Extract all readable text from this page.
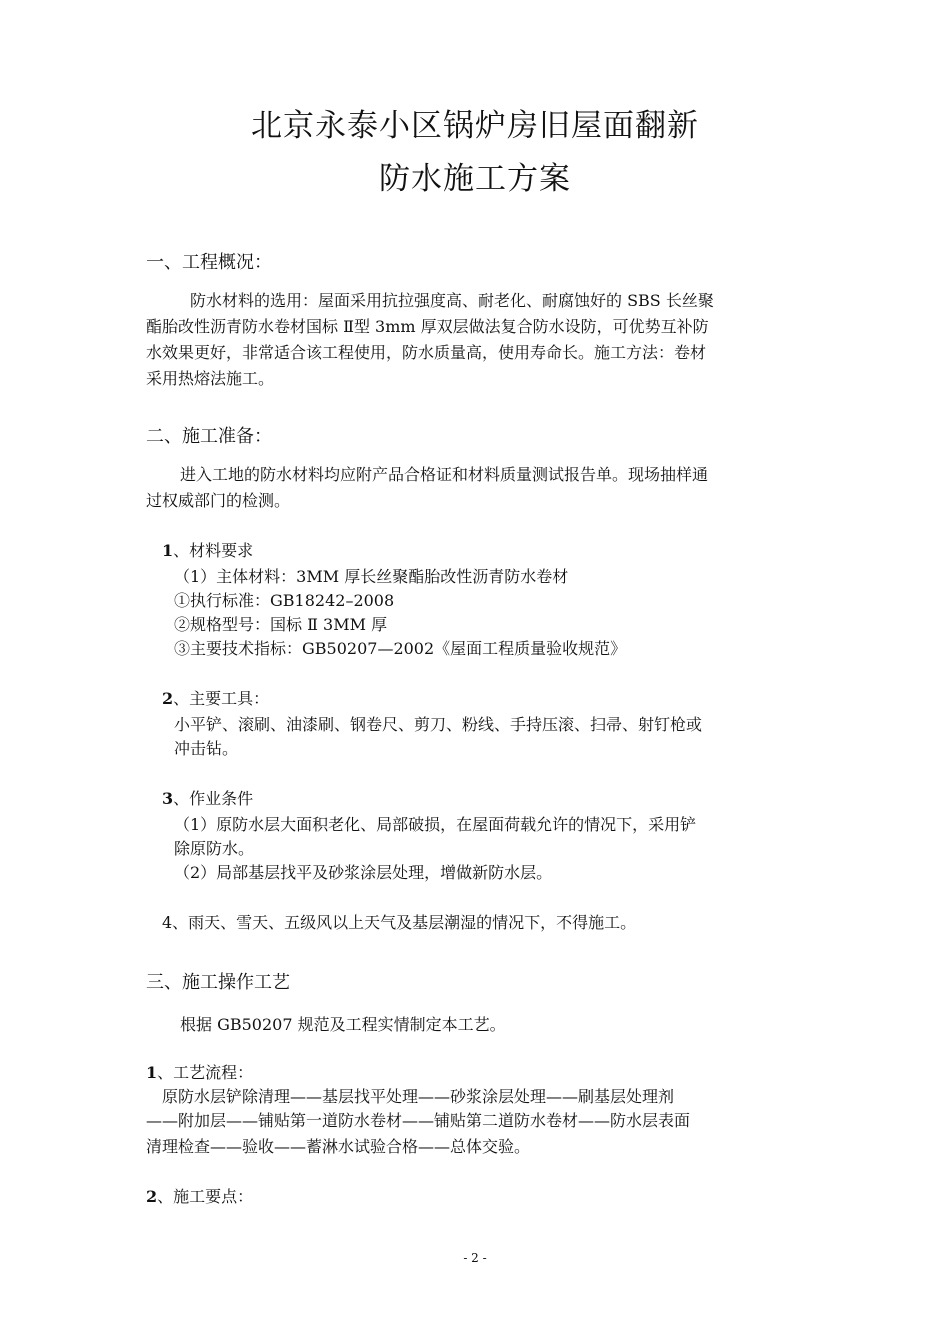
北京永泰小区锅炉房旧屋面翻新
防水施工方案
一、工程概况：
防水材料的选用：屋面采用抗拉强度高、耐老化、耐腐蚀好的 SBS 长丝聚
酯胎改性沥青防水卷材国标 Ⅱ型 3mm 厚双层做法复合防水设防，可优势互补防
水效果更好，非常适合该工程使用，防水质量高，使用寿命长。施工方法：卷材
采用热熔法施工。
二、施工准备：
进入工地的防水材料均应附产品合格证和材料质量测试报告单。现场抽样通
过权威部门的检测。
1、材料要求
（1）主体材料：3MM 厚长丝聚酯胎改性沥青防水卷材
①执行标准：GB18242–2008
②规格型号：国标 Ⅱ 3MM 厚
③主要技术指标：GB50207—2002《屋面工程质量验收规范》
2、主要工具：
小平铲、滚刷、油漆刷、钢卷尺、剪刀、粉线、手持压滚、扫帚、射钉枪或
冲击钻。
3、作业条件
（1）原防水层大面积老化、局部破损，在屋面荷载允许的情况下，采用铲
除原防水。
（2）局部基层找平及砂浆涂层处理，增做新防水层。
4、雨天、雪天、五级风以上天气及基层潮湿的情况下，不得施工。
三、施工操作工艺
根据 GB50207 规范及工程实情制定本工艺。
1、工艺流程：
原防水层铲除清理——基层找平处理——砂浆涂层处理——刷基层处理剂
——附加层——铺贴第一道防水卷材——铺贴第二道防水卷材——防水层表面
清理检查——验收——蓄淋水试验合格——总体交验。
2、施工要点：
- 2 -
